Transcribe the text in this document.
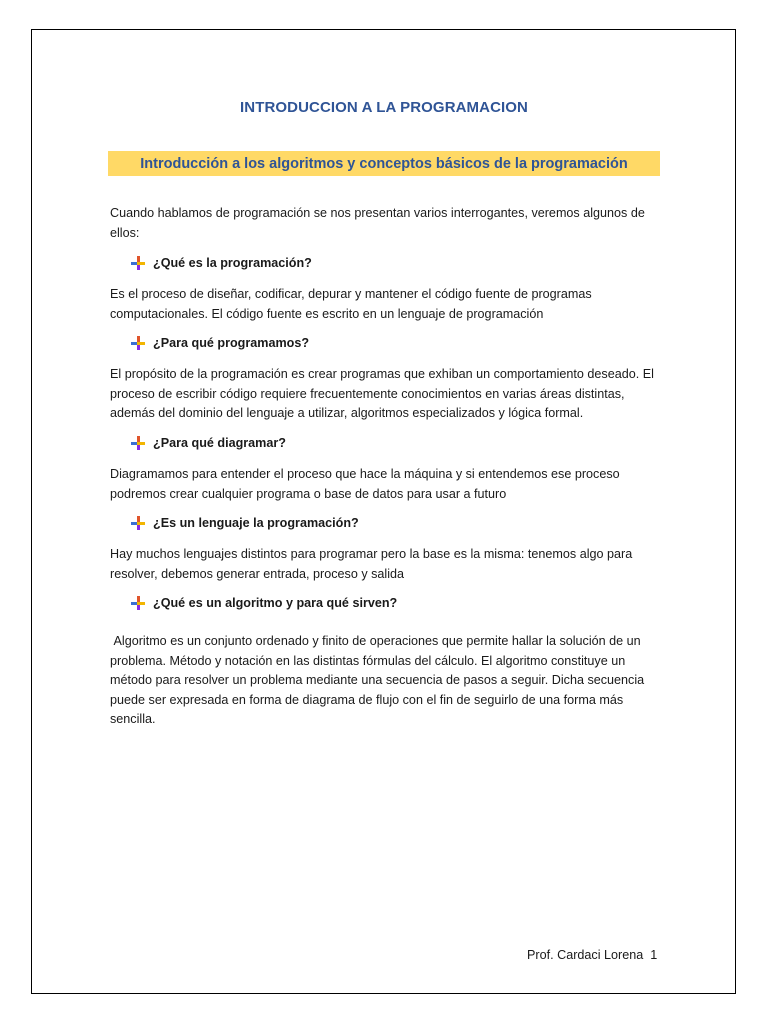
INTRODUCCION A LA PROGRAMACION
Introducción a los algoritmos y conceptos básicos de la programación

Cuando hablamos de programación se nos presentan varios interrogantes, veremos algunos de ellos:

¿Qué es la programación?

Es el proceso de diseñar, codificar, depurar y mantener el código fuente de programas computacionales. El código fuente es escrito en un lenguaje de programación

¿Para qué programamos?

El propósito de la programación es crear programas que exhiban un comportamiento deseado. El proceso de escribir código requiere frecuentemente conocimientos en varias áreas distintas, además del dominio del lenguaje a utilizar, algoritmos especializados y lógica formal.

¿Para qué diagramar?

Diagramamos para entender el proceso que hace la máquina y si entendemos ese proceso podremos crear cualquier programa o base de datos para usar a futuro

¿Es un lenguaje la programación?

Hay muchos lenguajes distintos para programar pero la base es la misma: tenemos algo para resolver, debemos generar entrada, proceso y salida

¿Qué es un algoritmo y para qué sirven?

Algoritmo es un conjunto ordenado y finito de operaciones que permite hallar la solución de un problema. Método y notación en las distintas fórmulas del cálculo. El algoritmo constituye un método para resolver un problema mediante una secuencia de pasos a seguir. Dicha secuencia puede ser expresada en forma de diagrama de flujo con el fin de seguirlo de una forma más sencilla.

Prof. Cardaci Lorena  1
